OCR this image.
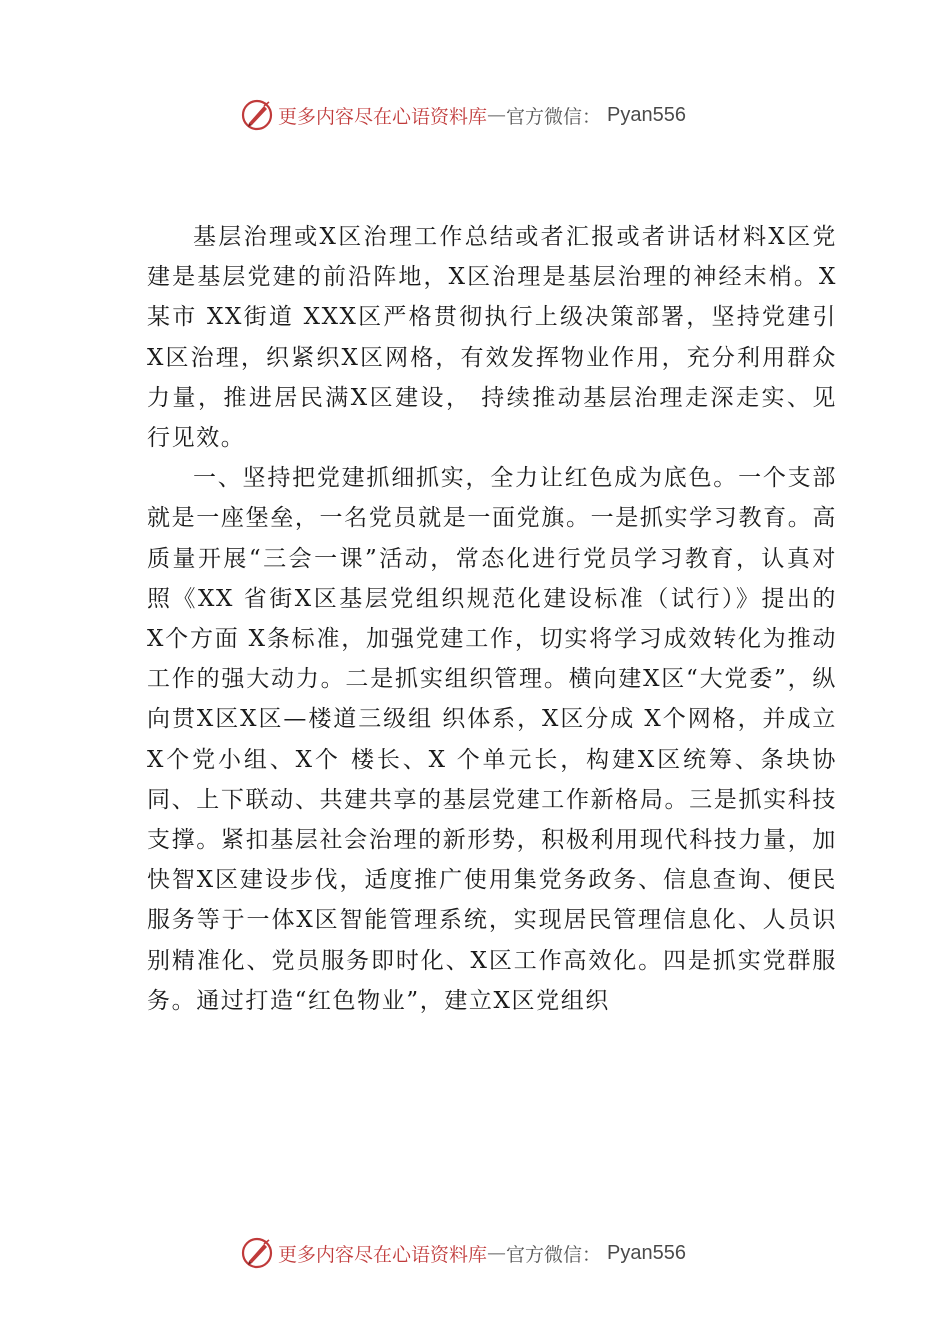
更多内容尽在心语资料库 — 官方微信： Pyan556

基层治理或X区治理工作总结或者汇报或者讲话材料X区党建是基层党建的前沿阵地，X区治理是基层治理的神经末梢。X某市 XX街道 XXX区严格贯彻执行上级决策部署，坚持党建引X区治理，织紧织X区网格，有效发挥物业作用，充分利用群众力量，推进居民满X区建设， 持续推动基层治理走深走实、见行见效。

一、坚持把党建抓细抓实，全力让红色成为底色。一个支部就是一座堡垒，一名党员就是一面党旗。一是抓实学习教育。高质量开展“三会一课”活动，常态化进行党员学习教育，认真对照《XX 省街X区基层党组织规范化建设标准（试行）》提出的 X个方面 X条标准，加强党建工作，切实将学习成效转化为推动工作的强大动力。二是抓实组织管理。横向建X区“大党委”，纵向贯X区X区—楼道三级组 织体系，X区分成 X个网格，并成立 X个党小组、X个 楼长、X 个单元长，构建X区统筹、条块协同、上下联动、共建共享的基层党建工作新格局。三是抓实科技支撑。紧扣基层社会治理的新形势，积极利用现代科技力量，加快智X区建设步伐，适度推广使用集党务政务、信息查询、便民服务等于一体X区智能管理系统，实现居民管理信息化、人员识别精准化、党员服务即时化、X区工作高效化。四是抓实党群服务。通过打造“红色物业”，建立X区党组织

更多内容尽在心语资料库 — 官方微信： Pyan556
